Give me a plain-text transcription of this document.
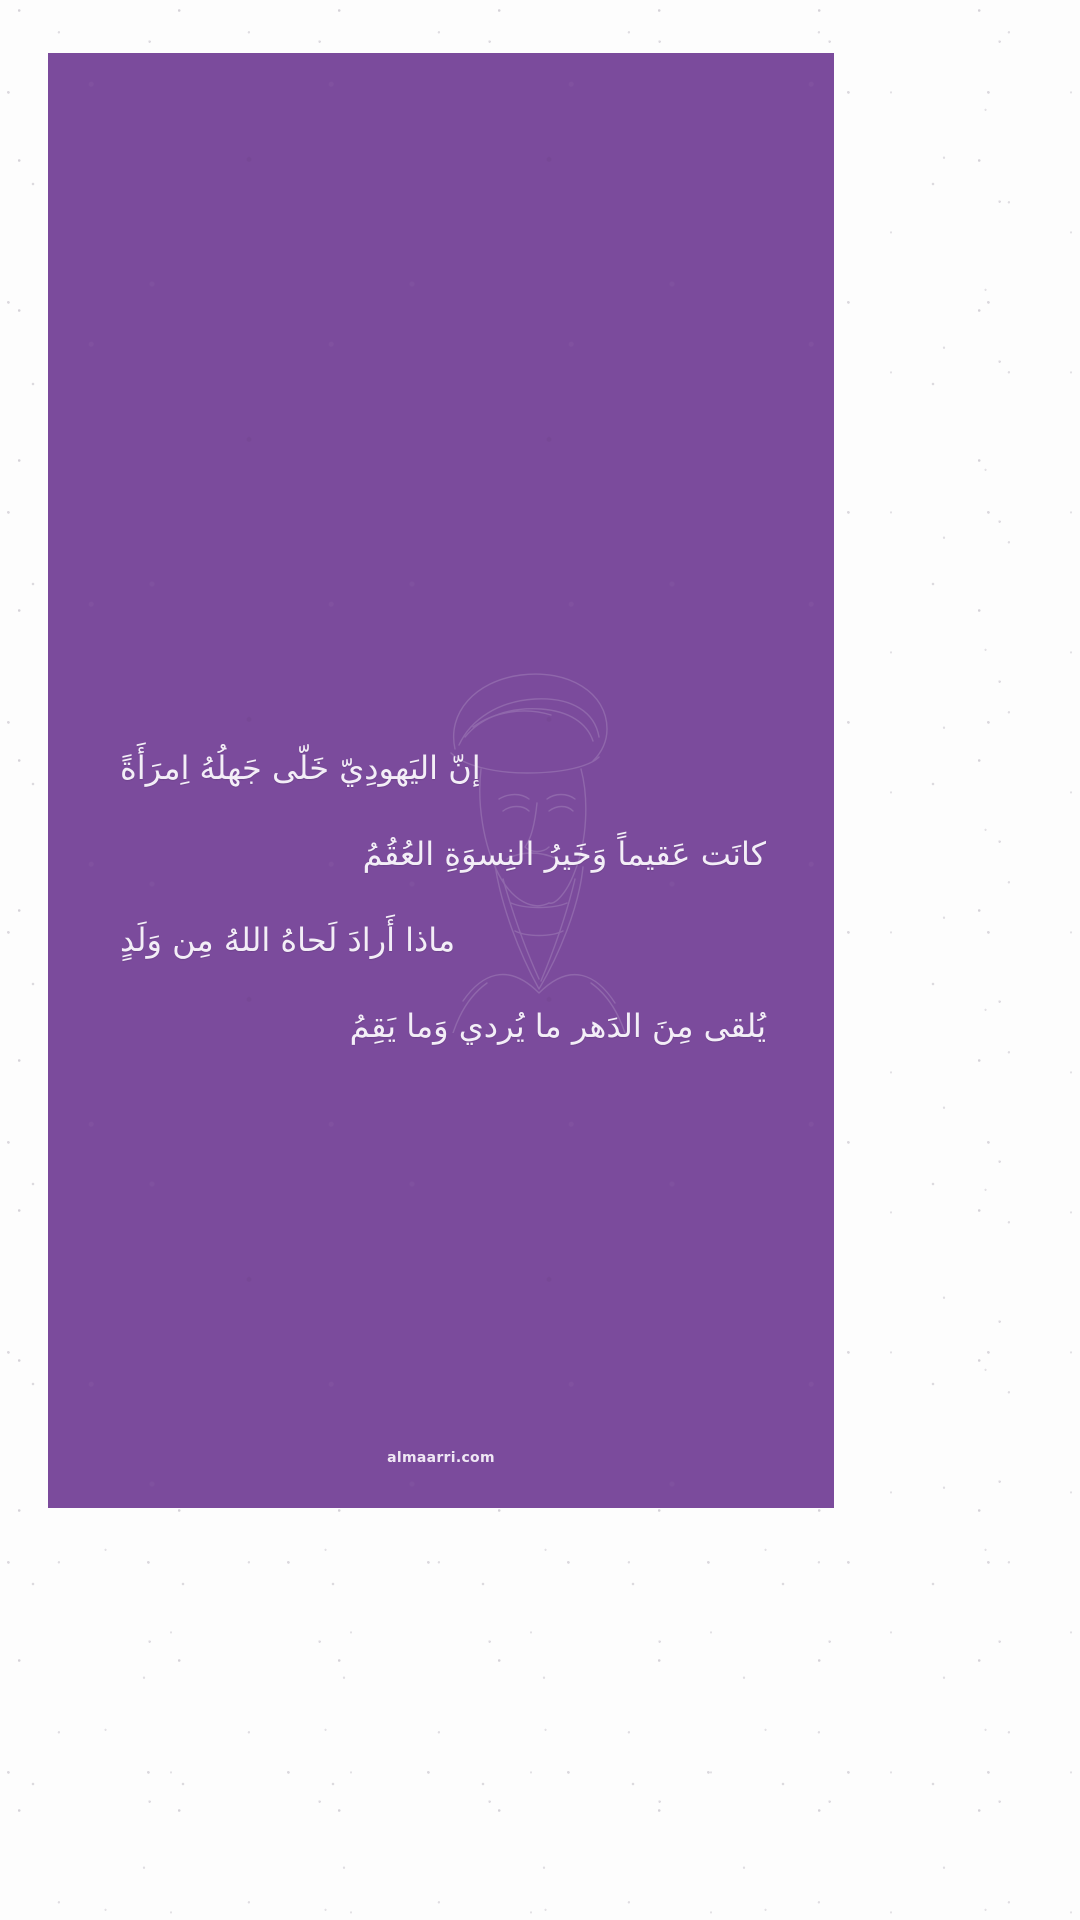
إنّ اليَهودِيّ خَلّى جَهلُهُ اِمرَأَةً
كانَت عَقيماً وَخَيرُ النِسوَةِ العُقُمُ
ماذا أَرادَ لَحاهُ اللهُ مِن وَلَدٍ
يُلقى مِنَ الدَهر ما يُردي وَما يَقِمُ
almaarri.com
